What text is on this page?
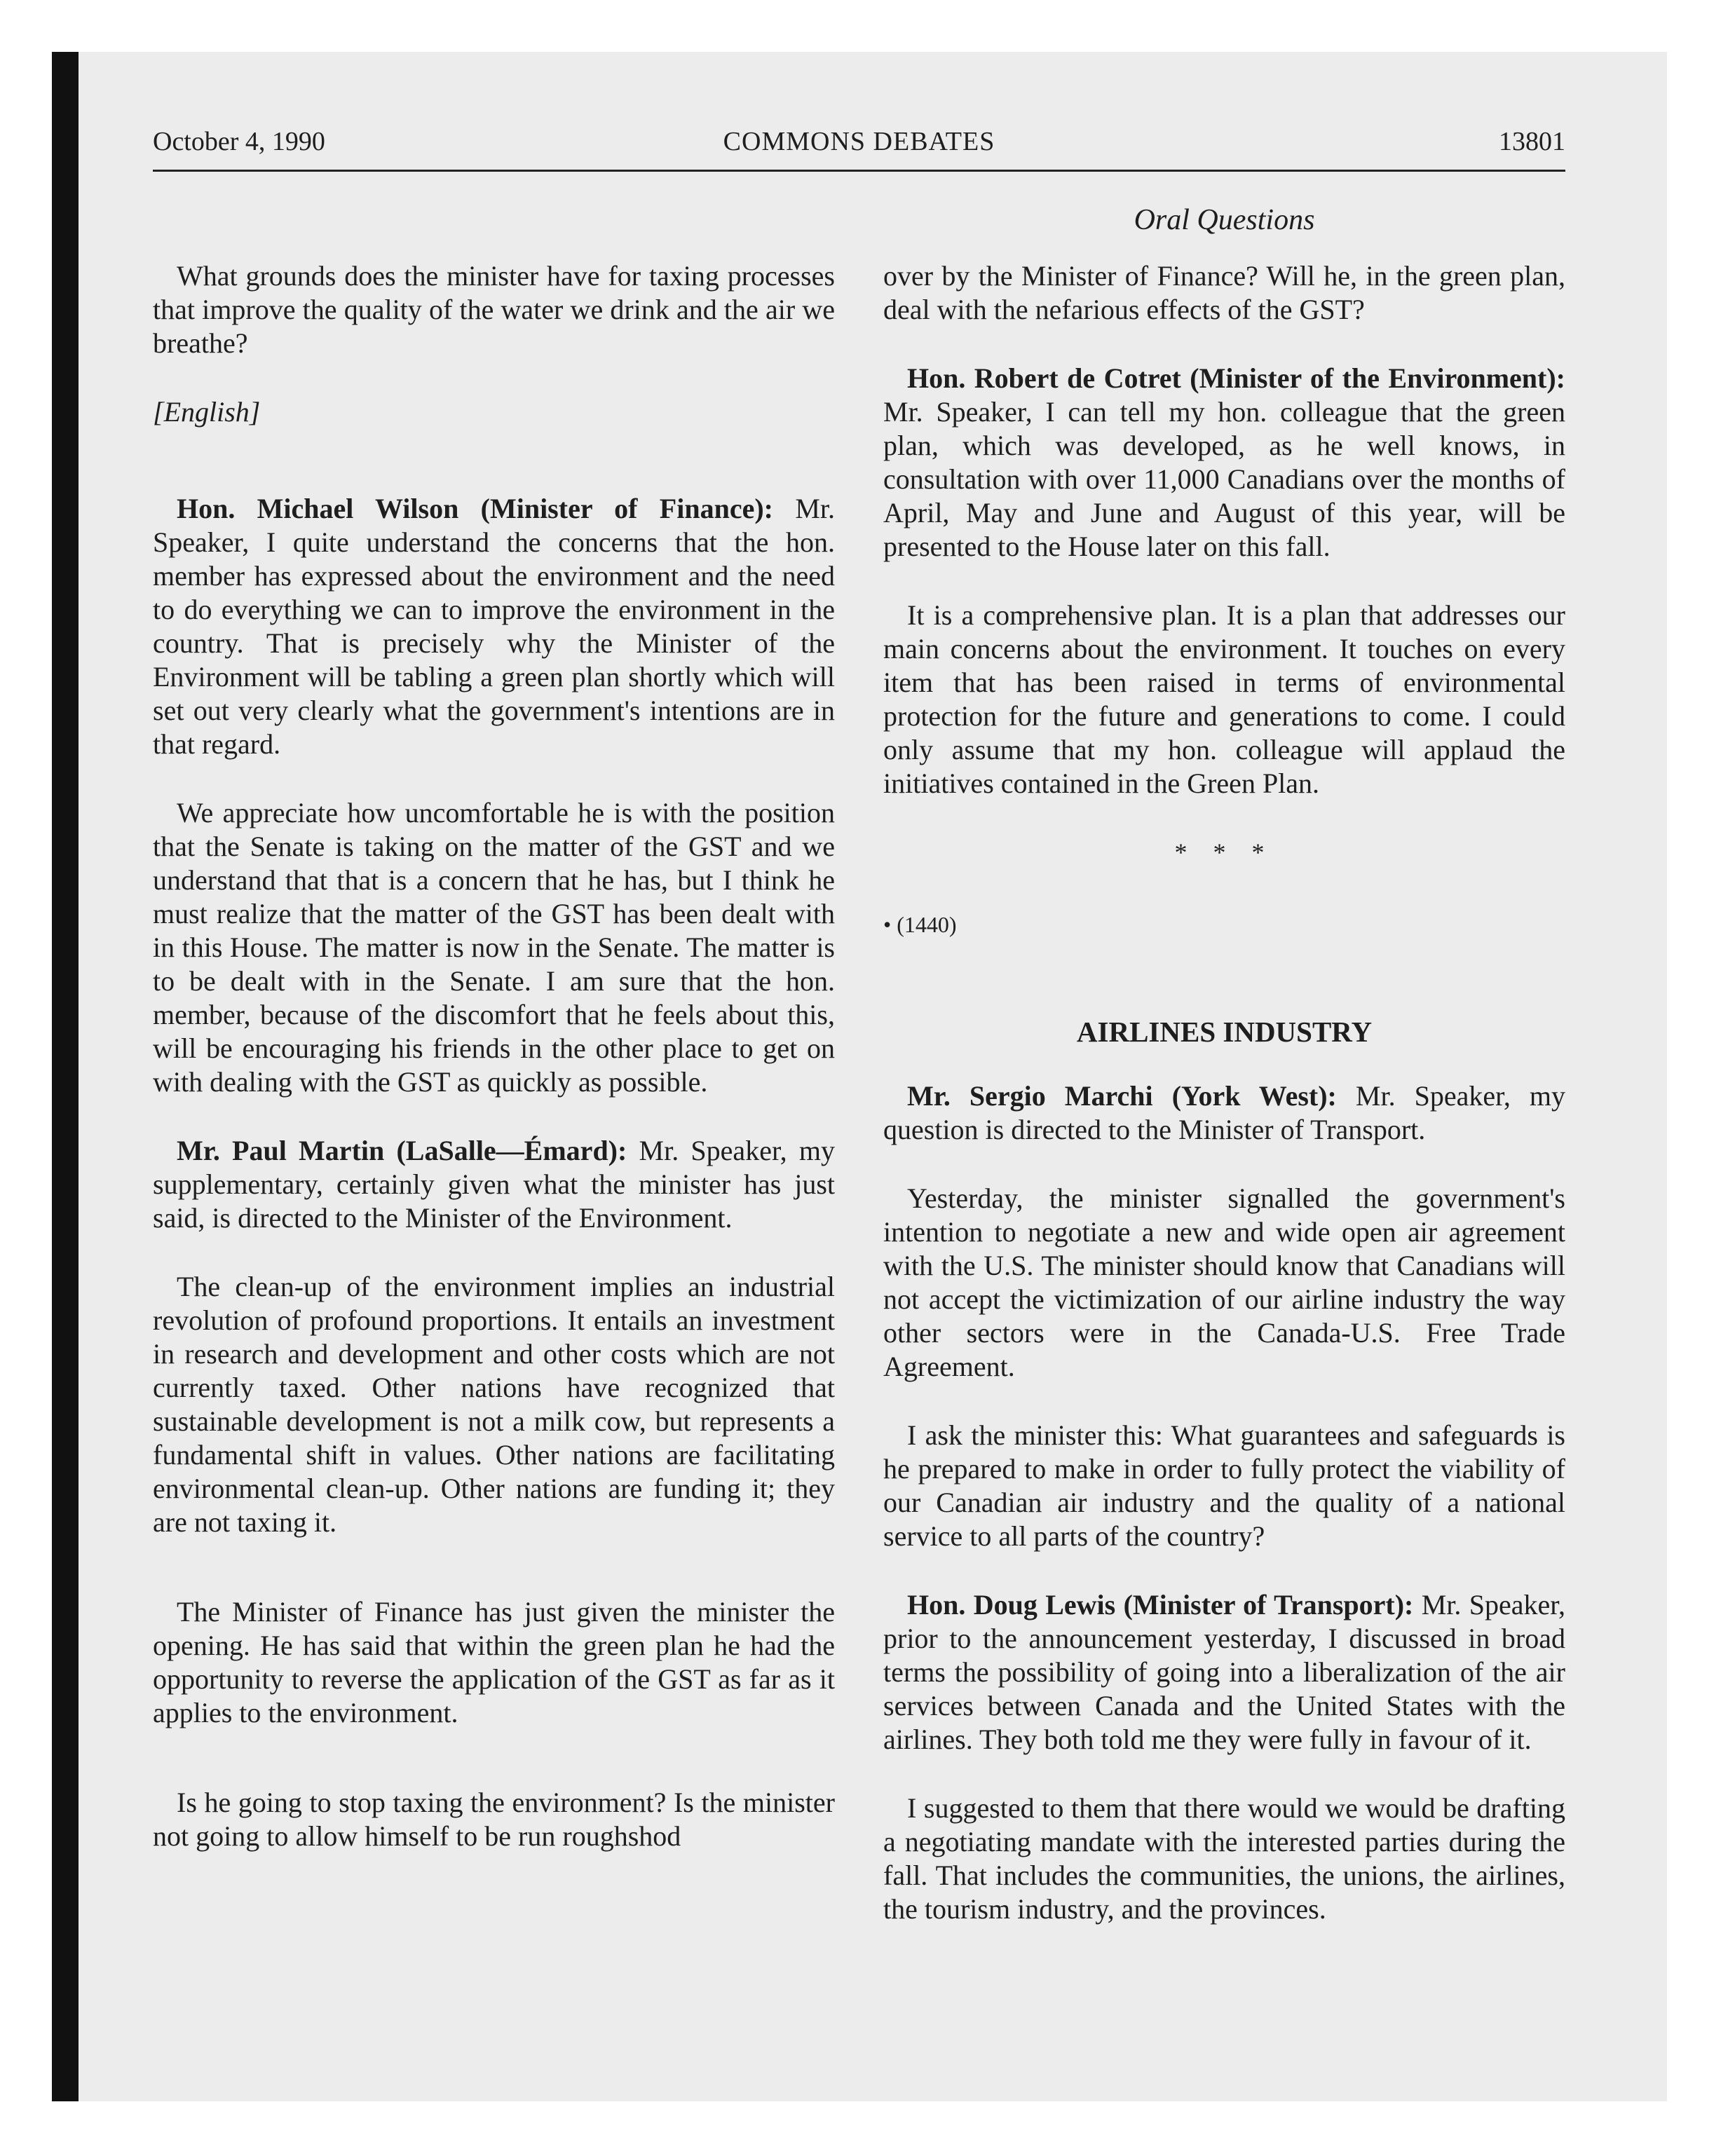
October 4, 1990	COMMONS DEBATES	13801
Oral Questions

What grounds does the minister have for taxing processes that improve the quality of the water we drink and the air we breathe?

[English]

Hon. Michael Wilson (Minister of Finance): Mr. Speaker, I quite understand the concerns that the hon. member has expressed about the environment and the need to do everything we can to improve the environment in the country. That is precisely why the Minister of the Environment will be tabling a green plan shortly which will set out very clearly what the government's intentions are in that regard.

We appreciate how uncomfortable he is with the position that the Senate is taking on the matter of the GST and we understand that that is a concern that he has, but I think he must realize that the matter of the GST has been dealt with in this House. The matter is now in the Senate. The matter is to be dealt with in the Senate. I am sure that the hon. member, because of the discomfort that he feels about this, will be encouraging his friends in the other place to get on with dealing with the GST as quickly as possible.

Mr. Paul Martin (LaSalle—Émard): Mr. Speaker, my supplementary, certainly given what the minister has just said, is directed to the Minister of the Environment.

The clean-up of the environment implies an industrial revolution of profound proportions. It entails an investment in research and development and other costs which are not currently taxed. Other nations have recognized that sustainable development is not a milk cow, but represents a fundamental shift in values. Other nations are facilitating environmental clean-up. Other nations are funding it; they are not taxing it.

The Minister of Finance has just given the minister the opening. He has said that within the green plan he had the opportunity to reverse the application of the GST as far as it applies to the environment.

Is he going to stop taxing the environment? Is the minister not going to allow himself to be run roughshod

over by the Minister of Finance? Will he, in the green plan, deal with the nefarious effects of the GST?

Hon. Robert de Cotret (Minister of the Environment): Mr. Speaker, I can tell my hon. colleague that the green plan, which was developed, as he well knows, in consultation with over 11,000 Canadians over the months of April, May and June and August of this year, will be presented to the House later on this fall.

It is a comprehensive plan. It is a plan that addresses our main concerns about the environment. It touches on every item that has been raised in terms of environmental protection for the future and generations to come. I could only assume that my hon. colleague will applaud the initiatives contained in the Green Plan.

* * *
• (1440)
AIRLINES INDUSTRY

Mr. Sergio Marchi (York West): Mr. Speaker, my question is directed to the Minister of Transport.

Yesterday, the minister signalled the government's intention to negotiate a new and wide open air agreement with the U.S. The minister should know that Canadians will not accept the victimization of our airline industry the way other sectors were in the Canada-U.S. Free Trade Agreement.

I ask the minister this: What guarantees and safeguards is he prepared to make in order to fully protect the viability of our Canadian air industry and the quality of a national service to all parts of the country?

Hon. Doug Lewis (Minister of Transport): Mr. Speaker, prior to the announcement yesterday, I discussed in broad terms the possibility of going into a liberalization of the air services between Canada and the United States with the airlines. They both told me they were fully in favour of it.

I suggested to them that there would we would be drafting a negotiating mandate with the interested parties during the fall. That includes the communities, the unions, the airlines, the tourism industry, and the provinces.
